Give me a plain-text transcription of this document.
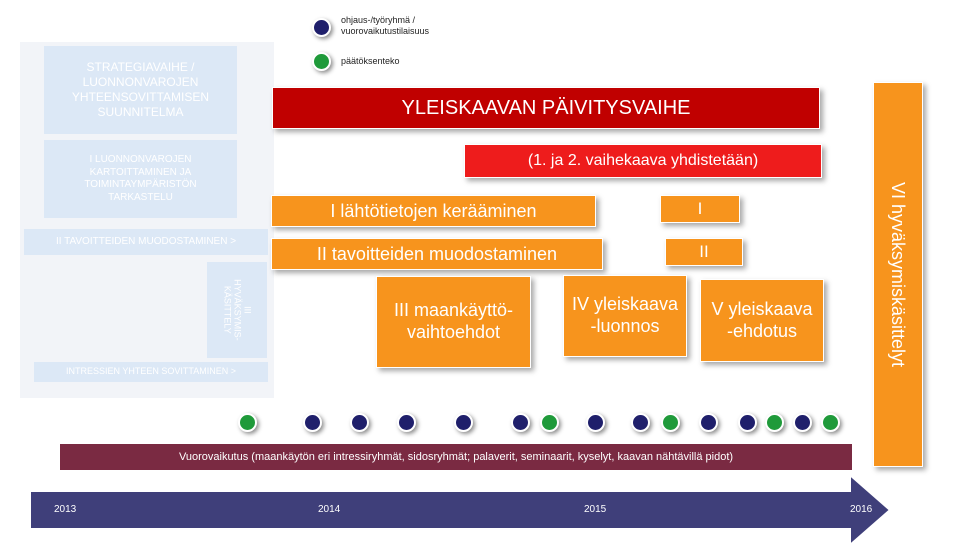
ohjaus-/työryhmä /
vuorovaikutustilaisuus
päätöksenteko
STRATEGIAVAIHE / LUONNONVAROJEN YHTEENSOVITTAMISEN SUUNNITELMA
I LUONNONVAROJEN KARTOITTAMINEN JA TOIMINTAYMPÄRISTÖN TARKASTELU
II TAVOITTEIDEN MUODOSTAMINEN >
III HYVÄKSYMIS-KÄSITTELY
INTRESSIEN YHTEEN SOVITTAMINEN >
YLEISKAAVAN PÄIVITYSVAIHE
(1. ja 2. vaihekaava yhdistetään)
I lähtötietojen kerääminen	I
II tavoitteiden muodostaminen	II
III maankäyttö-vaihtoehdot
IV yleiskaava -luonnos
V yleiskaava -ehdotus	VI hyväksymiskäsittelyt
Vuorovaikutus (maankäytön eri intressiryhmät, sidosryhmät; palaverit, seminaarit, kyselyt, kaavan nähtävillä pidot)
2013	2014	2015	2016
